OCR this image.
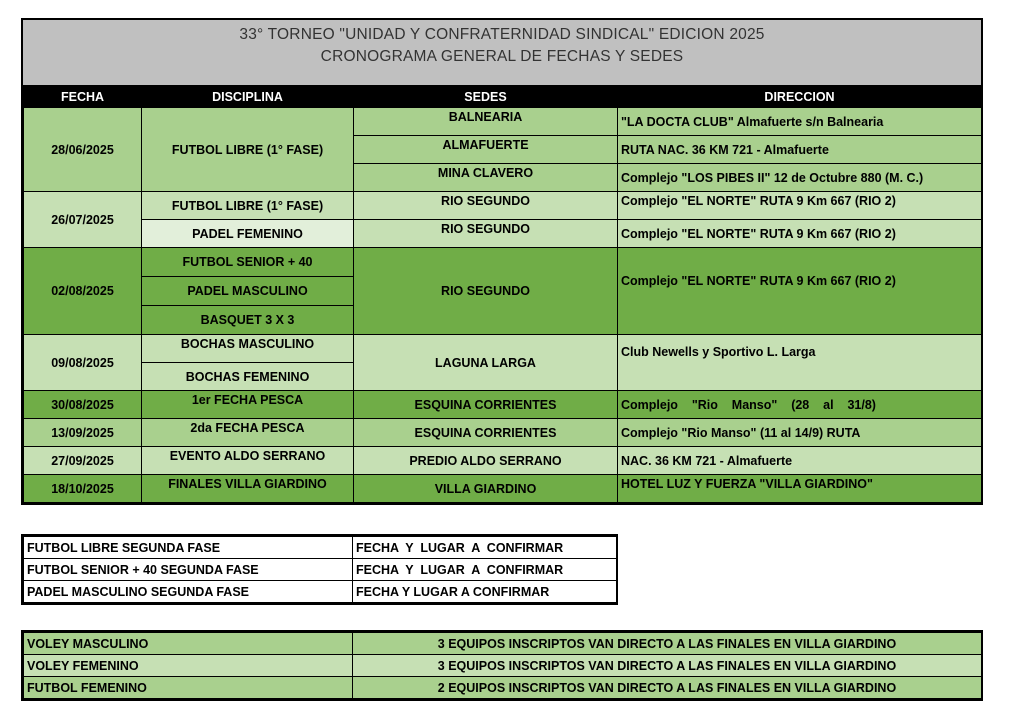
33° TORNEO "UNIDAD Y CONFRATERNIDAD SINDICAL" EDICION 2025
CRONOGRAMA GENERAL DE FECHAS Y SEDES
FECHA	DISCIPLINA	SEDES	DIRECCION
28/06/2025	FUTBOL LIBRE (1° FASE)	BALNEARIA	"LA DOCTA CLUB" Almafuerte s/n Balnearia
		ALMAFUERTE	RUTA NAC. 36 KM 721 - Almafuerte
		MINA CLAVERO	Complejo "LOS PIBES II" 12 de Octubre 880 (M. C.)
26/07/2025	FUTBOL LIBRE (1° FASE)	RIO SEGUNDO	Complejo "EL NORTE" RUTA 9 Km 667 (RIO 2)
	PADEL FEMENINO	RIO SEGUNDO	Complejo "EL NORTE" RUTA 9 Km 667 (RIO 2)
02/08/2025	FUTBOL SENIOR + 40	RIO SEGUNDO	Complejo "EL NORTE" RUTA 9 Km 667 (RIO 2)
	PADEL MASCULINO		
	BASQUET 3 X 3		
09/08/2025	BOCHAS MASCULINO	LAGUNA LARGA	Club Newells y Sportivo L. Larga
	BOCHAS FEMENINO		
30/08/2025	1er FECHA PESCA	ESQUINA CORRIENTES	Complejo    "Rio    Manso"    (28    al    31/8)
13/09/2025	2da FECHA PESCA	ESQUINA CORRIENTES	Complejo "Rio Manso" (11 al 14/9) RUTA
27/09/2025	EVENTO ALDO SERRANO	PREDIO ALDO SERRANO	NAC. 36 KM 721 - Almafuerte
18/10/2025	FINALES VILLA GIARDINO	VILLA GIARDINO	HOTEL LUZ Y FUERZA "VILLA GIARDINO"
FUTBOL LIBRE SEGUNDA FASE	FECHA  Y  LUGAR  A  CONFIRMAR
FUTBOL SENIOR + 40 SEGUNDA FASE	FECHA  Y  LUGAR  A  CONFIRMAR
PADEL MASCULINO SEGUNDA FASE	FECHA Y LUGAR A CONFIRMAR
VOLEY MASCULINO	3 EQUIPOS INSCRIPTOS VAN DIRECTO A LAS FINALES EN VILLA GIARDINO
VOLEY FEMENINO	3 EQUIPOS INSCRIPTOS VAN DIRECTO A LAS FINALES EN VILLA GIARDINO
FUTBOL FEMENINO	2 EQUIPOS INSCRIPTOS VAN DIRECTO A LAS FINALES EN VILLA GIARDINO
